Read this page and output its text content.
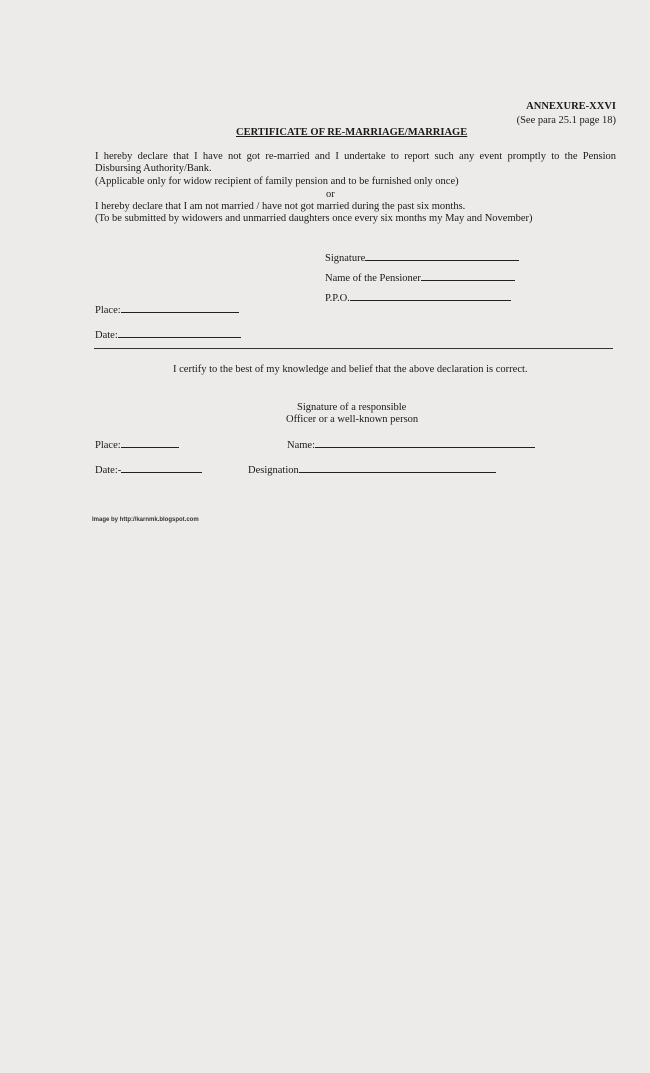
ANNEXURE-XXVI
(See para 25.1 page 18)
CERTIFICATE OF RE-MARRIAGE/MARRIAGE
I hereby declare that I have not got re-married and I undertake to report such any event promptly to the Pension
Disbursing Authority/Bank.
(Applicable only for widow recipient of family pension and to be furnished only once)
or
I hereby declare that I am not married / have not got married during the past six months.
(To be submitted by widowers and unmarried daughters once every six months my May and November)
Signature
Name of the Pensioner
P.P.O.
Place:
Date:
I certify to the best of my knowledge and belief that the above declaration is correct.
Signature of a responsible
Officer or a well-known person
Place:	Name:
Date:-	Designation
Image by http://karnmk.blogspot.com
